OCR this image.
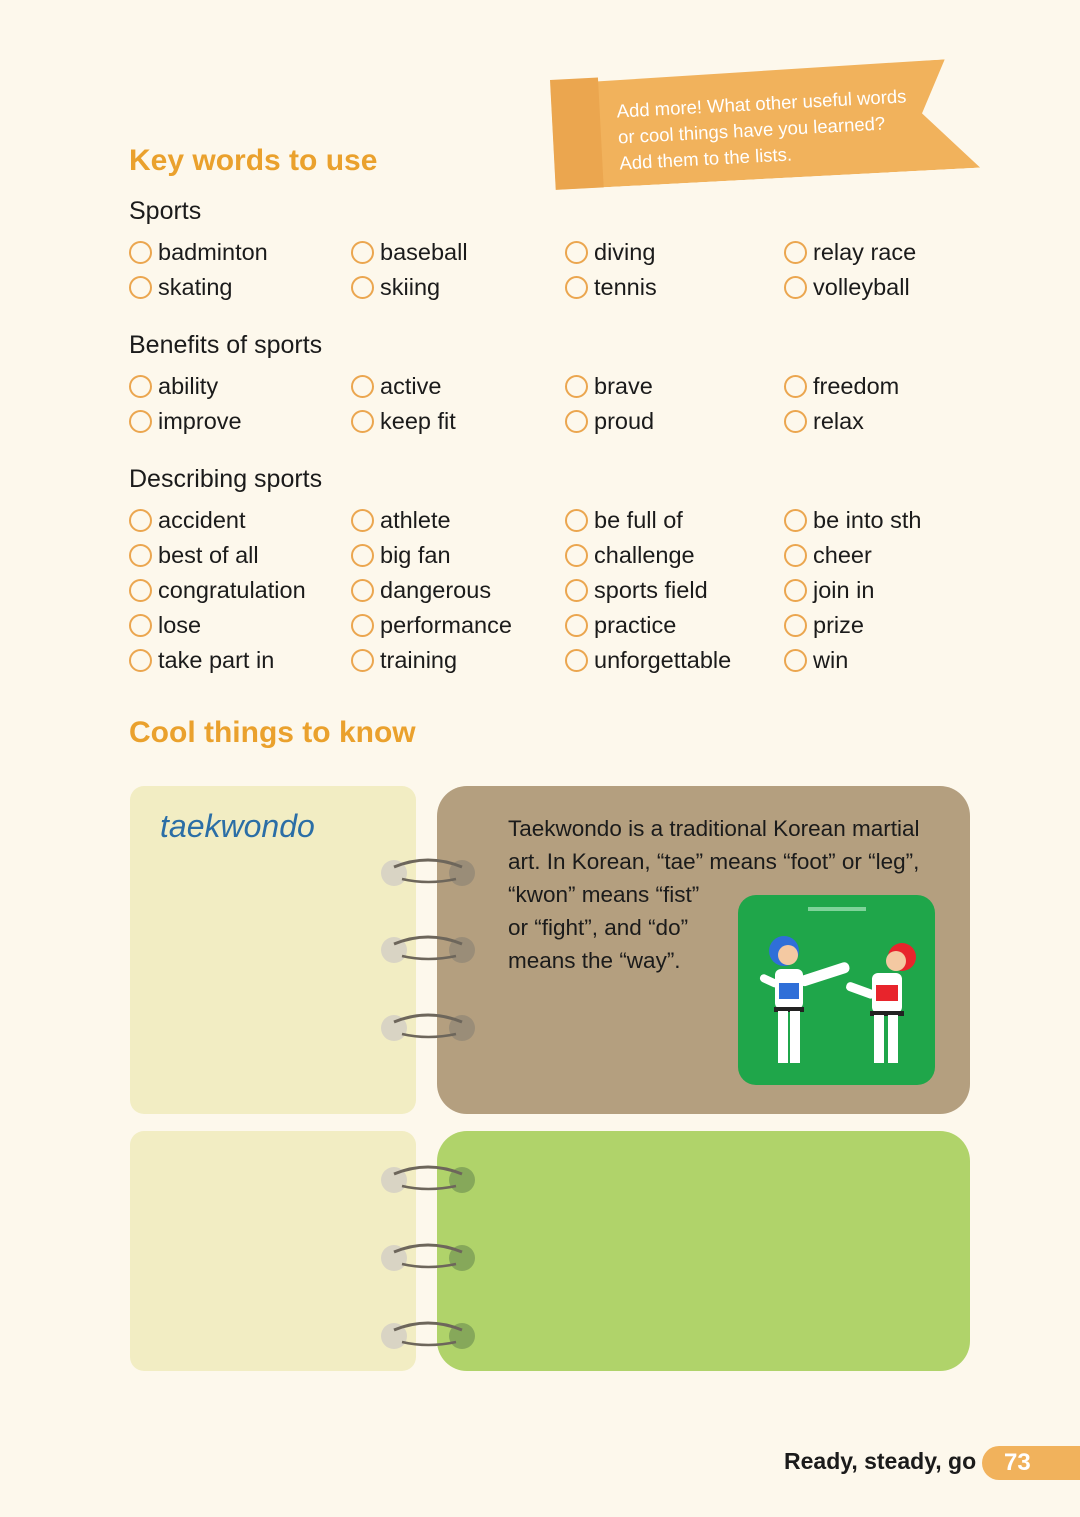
Add more! What other useful words
or cool things have you learned?
Add them to the lists.
Key words to use
Sports
badminton	baseball	diving	relay race
skating	skiing	tennis	volleyball
Benefits of sports
ability	active	brave	freedom
improve	keep fit	proud	relax
Describing sports
accident	athlete	be full of	be into sth
best of all	big fan	challenge	cheer
congratulation	dangerous	sports field	join in
lose	performance	practice	prize
take part in	training	unforgettable	win
Cool things to know
taekwondo	Taekwondo is a traditional Korean martial
art. In Korean, “tae” means “foot” or “leg”,
“kwon” means “fist”
or “fight”, and “do”
means the “way”.
Ready, steady, go	73
